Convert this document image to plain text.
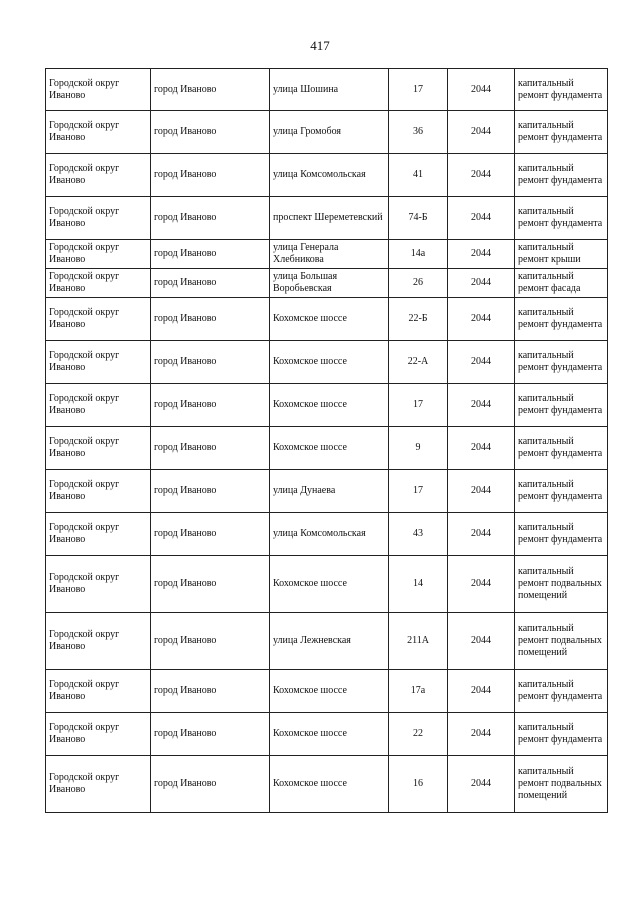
417
Городской округ Иваново	город Иваново	улица Шошина	17	2044	капитальный ремонт фундамента
Городской округ Иваново	город Иваново	улица Громобоя	36	2044	капитальный ремонт фундамента
Городской округ Иваново	город Иваново	улица Комсомольская	41	2044	капитальный ремонт фундамента
Городской округ Иваново	город Иваново	проспект Шереметевский	74-Б	2044	капитальный ремонт фундамента
Городской округ Иваново	город Иваново	улица Генерала Хлебникова	14а	2044	капитальный ремонт крыши
Городской округ Иваново	город Иваново	улица Большая Воробьевская	26	2044	капитальный ремонт фасада
Городской округ Иваново	город Иваново	Кохомское шоссе	22-Б	2044	капитальный ремонт фундамента
Городской округ Иваново	город Иваново	Кохомское шоссе	22-А	2044	капитальный ремонт фундамента
Городской округ Иваново	город Иваново	Кохомское шоссе	17	2044	капитальный ремонт фундамента
Городской округ Иваново	город Иваново	Кохомское шоссе	9	2044	капитальный ремонт фундамента
Городской округ Иваново	город Иваново	улица Дунаева	17	2044	капитальный ремонт фундамента
Городской округ Иваново	город Иваново	улица Комсомольская	43	2044	капитальный ремонт фундамента
Городской округ Иваново	город Иваново	Кохомское шоссе	14	2044	капитальный ремонт подвальных помещений
Городской округ Иваново	город Иваново	улица Лежневская	211А	2044	капитальный ремонт подвальных помещений
Городской округ Иваново	город Иваново	Кохомское шоссе	17а	2044	капитальный ремонт фундамента
Городской округ Иваново	город Иваново	Кохомское шоссе	22	2044	капитальный ремонт фундамента
Городской округ Иваново	город Иваново	Кохомское шоссе	16	2044	капитальный ремонт подвальных помещений
